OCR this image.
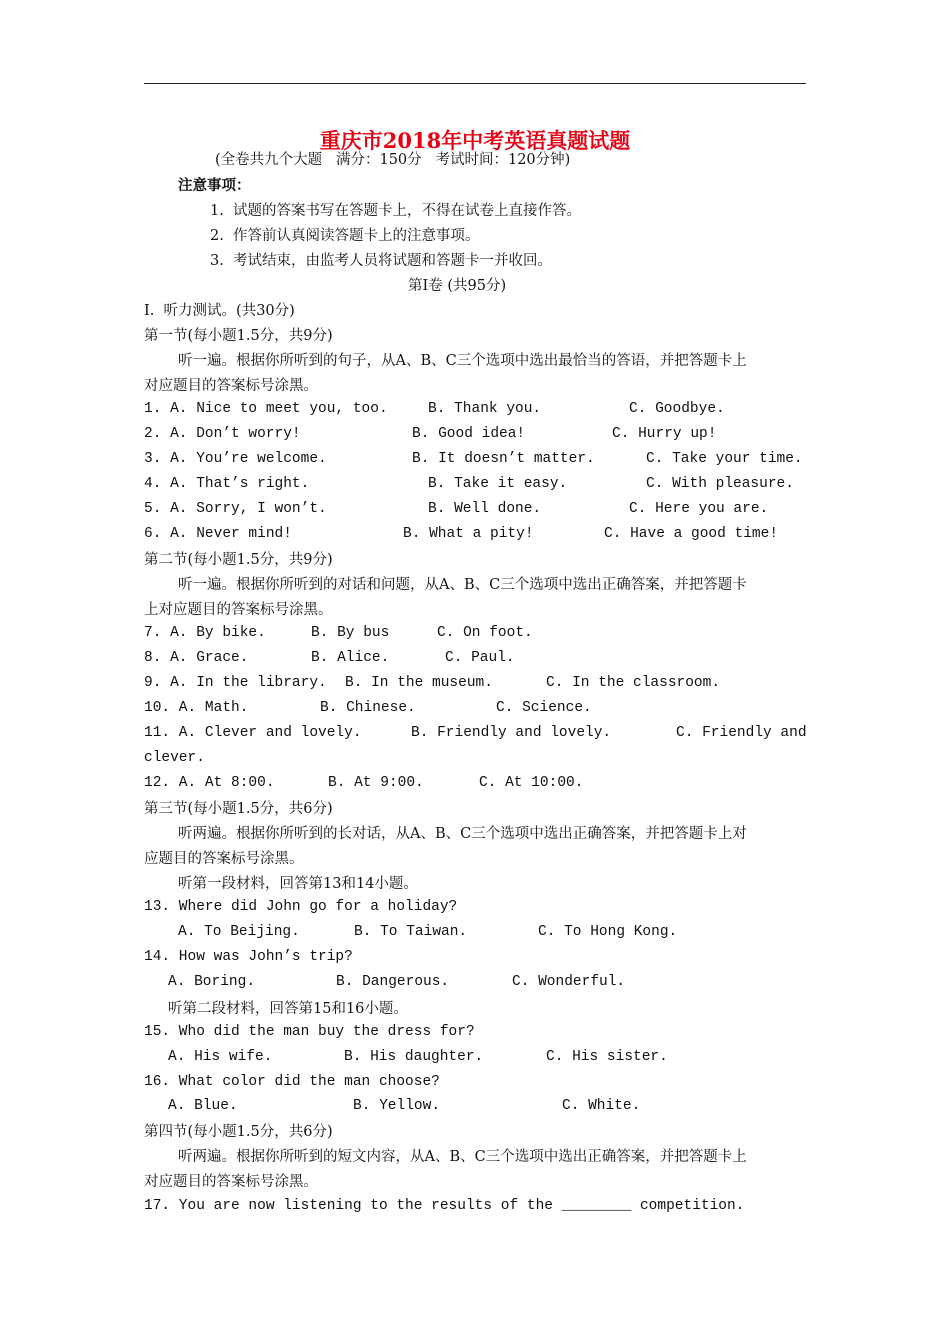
重庆市2018年中考英语真题试题
(全卷共九个大题   满分：150分   考试时间：120分钟)
注意事项：
1.  试题的答案书写在答题卡上，不得在试卷上直接作答。
2.  作答前认真阅读答题卡上的注意事项。
3.  考试结束，由监考人员将试题和答题卡一并收回。
第Ⅰ卷 (共95分)
I.  听力测试。(共30分)
第一节(每小题1.5分，共9分)
听一遍。根据你所听到的句子，从A、B、C三个选项中选出最恰当的答语，并把答题卡上
对应题目的答案标号涂黑。
1. A. Nice to meet you, too.	B. Thank you.	C. Goodbye.
2. A. Don’t worry!	B. Good idea!	C. Hurry up!
3. A. You’re welcome.	B. It doesn’t matter.	C. Take your time.
4. A. That’s right.	B. Take it easy.	C. With pleasure.
5. A. Sorry, I won’t.	B. Well done.	C. Here you are.
6. A. Never mind!	B. What a pity!	C. Have a good time!
第二节(每小题1.5分，共9分)
听一遍。根据你所听到的对话和问题，从A、B、C三个选项中选出正确答案，并把答题卡
上对应题目的答案标号涂黑。
7. A. By bike.	B. By bus	C. On foot.
8. A. Grace.	B. Alice.	C. Paul.
9. A. In the library. B. In the museum.	C. In the classroom.
10. A. Math.	B. Chinese.	C. Science.
11. A. Clever and lovely.	B. Friendly and lovely.	C. Friendly and
clever.
12. A. At 8:00.	B. At 9:00.	C. At 10:00.
第三节(每小题1.5分，共6分)
听两遍。根据你所听到的长对话，从A、B、C三个选项中选出正确答案，并把答题卡上对
应题目的答案标号涂黑。
听第一段材料，回答第13和14小题。
13. Where did John go for a holiday?
A. To Beijing.	B. To Taiwan.	C. To Hong Kong.
14. How was John’s trip?
A. Boring.	B. Dangerous.	C. Wonderful.
听第二段材料，回答第15和16小题。
15. Who did the man buy the dress for?
A. His wife.	B. His daughter.	C. His sister.
16. What color did the man choose?
A. Blue.	B. Yellow.	C. White.
第四节(每小题1.5分，共6分)
听两遍。根据你所听到的短文内容，从A、B、C三个选项中选出正确答案，并把答题卡上
对应题目的答案标号涂黑。
17. You are now listening to the results of the ________ competition.
